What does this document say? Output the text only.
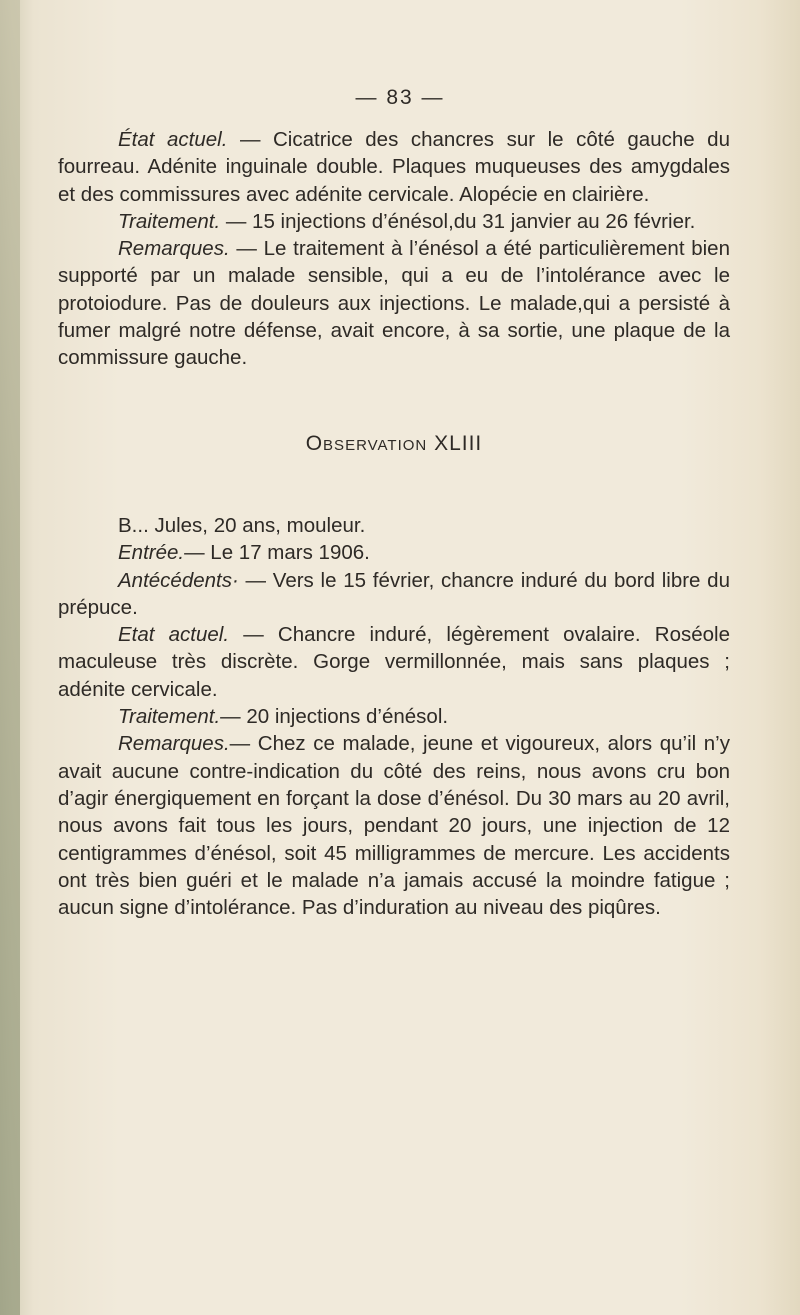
— 83 —

État actuel. — Cicatrice des chancres sur le côté gauche du fourreau. Adénite inguinale double. Plaques muqueuses des amygdales et des commissures avec adénite cervicale. Alopécie en clairière.

Traitement. — 15 injections d’énésol,du 31 janvier au 26 février.

Remarques. — Le traitement à l’énésol a été particulièrement bien supporté par un malade sensible, qui a eu de l’intolérance avec le protoiodure. Pas de douleurs aux injections. Le malade,qui a persisté à fumer malgré notre défense, avait encore, à sa sortie, une plaque de la commissure gauche.

Observation XLIII

B... Jules, 20 ans, mouleur.

Entrée.— Le 17 mars 1906.

Antécédents· — Vers le 15 février, chancre induré du bord libre du prépuce.

Etat actuel. — Chancre induré, légèrement ovalaire. Roséole maculeuse très discrète. Gorge vermillonnée, mais sans plaques ; adénite cervicale.

Traitement.— 20 injections d’énésol.

Remarques.— Chez ce malade, jeune et vigoureux, alors qu’il n’y avait aucune contre-indication du côté des reins, nous avons cru bon d’agir énergiquement en forçant la dose d’énésol. Du 30 mars au 20 avril, nous avons fait tous les jours, pendant 20 jours, une injection de 12 centigrammes d’énésol, soit 45 milligrammes de mercure. Les accidents ont très bien guéri et le malade n’a jamais accusé la moindre fatigue ; aucun signe d’intolérance. Pas d’induration au niveau des piqûres.
